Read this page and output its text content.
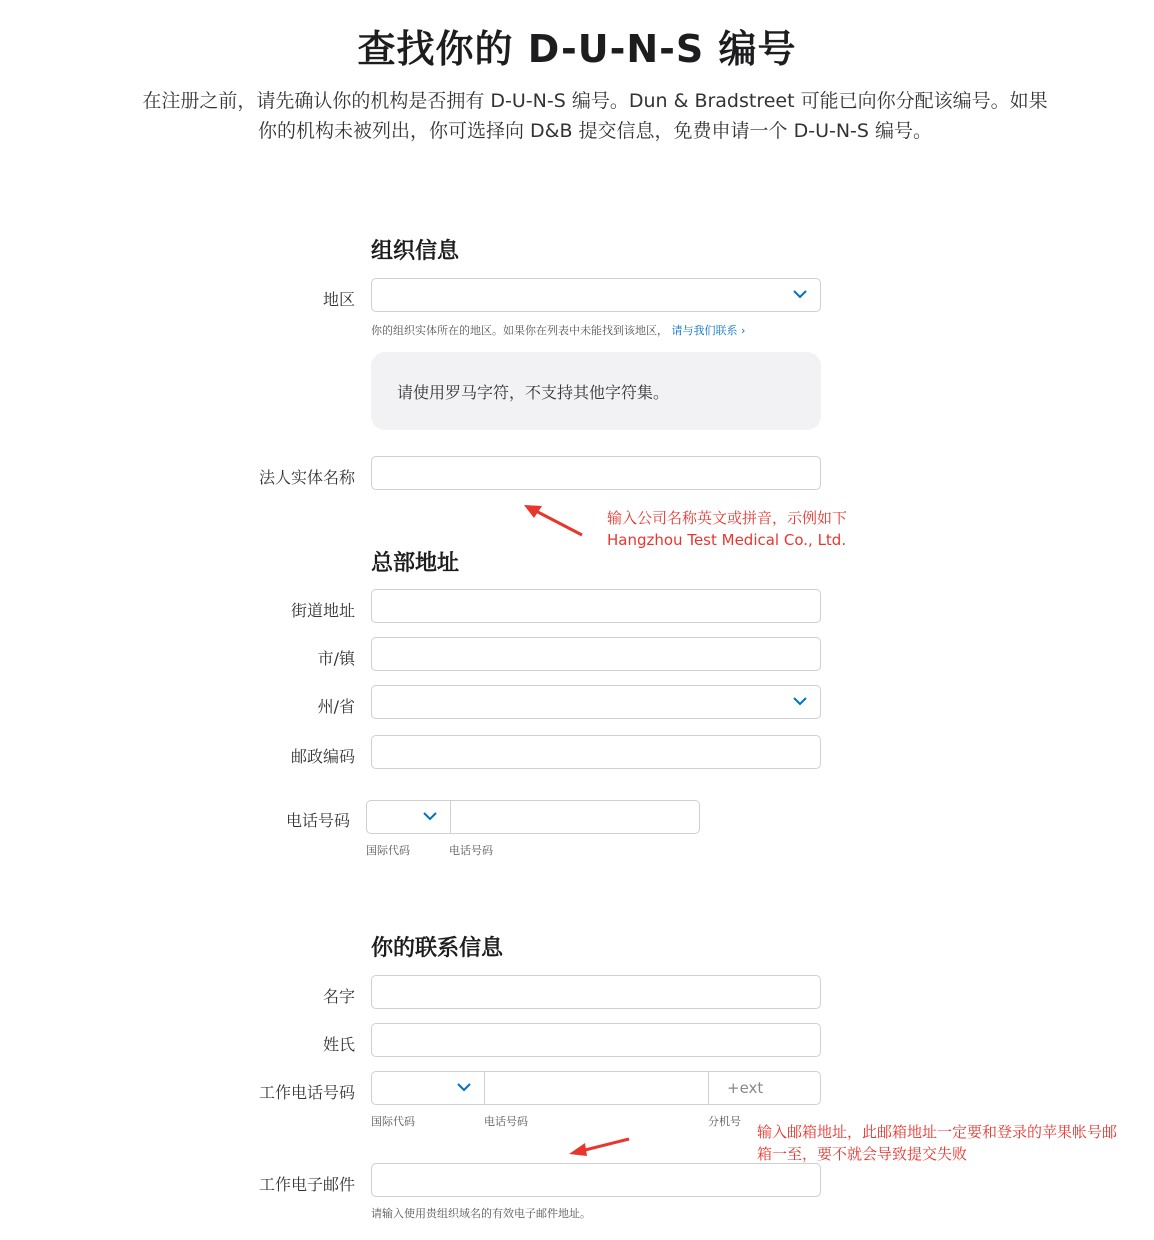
查找你的 D-U-N-S 编号
在注册之前，请先确认你的机构是否拥有 D-U-N-S 编号。Dun & Bradstreet 可能已向你分配该编号。如果你的机构未被列出，你可选择向 D&B 提交信息，免费申请一个 D-U-N-S 编号。
组织信息
地区
你的组织实体所在的地区。如果你在列表中未能找到该地区， 请与我们联系 ›
请使用罗马字符，不支持其他字符集。
法人实体名称
输入公司名称英文或拼音，示例如下
Hangzhou Test Medical Co., Ltd.
总部地址
街道地址
市/镇
州/省
邮政编码
电话号码
国际代码	电话号码
你的联系信息
名字
姓氏
工作电话号码	+ext
国际代码	电话号码	分机号
输入邮箱地址，此邮箱地址一定要和登录的苹果帐号邮
箱一至，要不就会导致提交失败
工作电子邮件
请输入使用贵组织域名的有效电子邮件地址。
